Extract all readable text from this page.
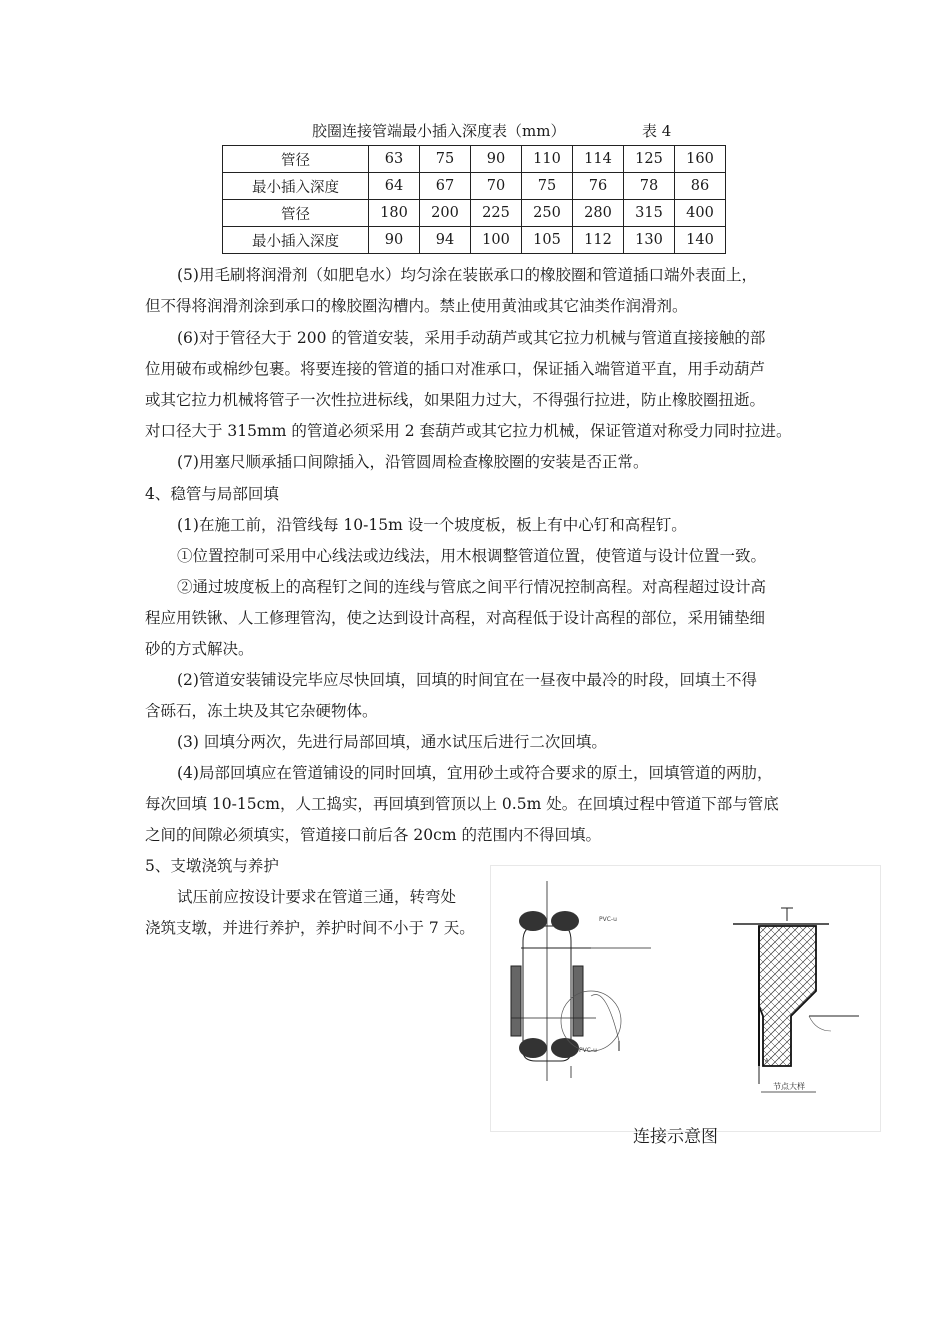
胶圈连接管端最小插入深度表（mm）	表 4
管径	63	75	90	110	114	125	160
最小插入深度	64	67	70	75	76	78	86
管径	180	200	225	250	280	315	400
最小插入深度	90	94	100	105	112	130	140
(5)用毛刷将润滑剂（如肥皂水）均匀涂在装嵌承口的橡胶圈和管道插口端外表面上，
但不得将润滑剂涂到承口的橡胶圈沟槽内。禁止使用黄油或其它油类作润滑剂。
(6)对于管径大于 200 的管道安装，采用手动葫芦或其它拉力机械与管道直接接触的部
位用破布或棉纱包裹。将要连接的管道的插口对准承口，保证插入端管道平直，用手动葫芦
或其它拉力机械将管子一次性拉进标线，如果阻力过大，不得强行拉进，防止橡胶圈扭逝。
对口径大于 315mm 的管道必须采用 2 套葫芦或其它拉力机械，保证管道对称受力同时拉进。
(7)用塞尺顺承插口间隙插入，沿管圆周检查橡胶圈的安装是否正常。
4、稳管与局部回填
(1)在施工前，沿管线每 10-15m 设一个坡度板，板上有中心钉和高程钉。
①位置控制可采用中心线法或边线法，用木根调整管道位置，使管道与设计位置一致。
②通过坡度板上的高程钉之间的连线与管底之间平行情况控制高程。对高程超过设计高
程应用铁锹、人工修理管沟，使之达到设计高程，对高程低于设计高程的部位，采用铺垫细
砂的方式解决。
(2)管道安装铺设完毕应尽快回填，回填的时间宜在一昼夜中最冷的时段，回填土不得
含砾石，冻土块及其它杂硬物体。
(3) 回填分两次，先进行局部回填，通水试压后进行二次回填。
(4)局部回填应在管道铺设的同时回填，宜用砂土或符合要求的原土，回填管道的两肋，
每次回填 10-15cm，人工捣实，再回填到管顶以上 0.5m 处。在回填过程中管道下部与管底
之间的间隙必须填实，管道接口前后各 20cm 的范围内不得回填。
5、支墩浇筑与养护
试压前应按设计要求在管道三通，转弯处
浇筑支墩，并进行养护，养护时间不小于 7 天。	PVC-u
PVC-u
A
节点大样
连接示意图
